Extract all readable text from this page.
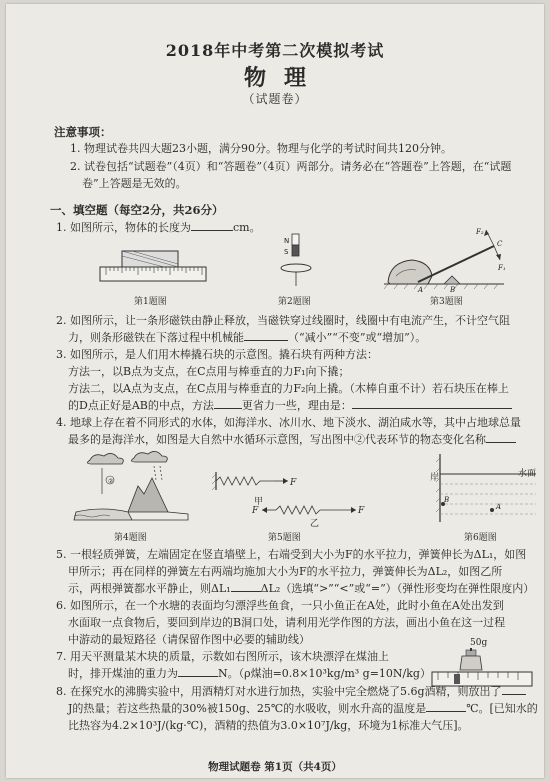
2018年中考第二次模拟考试
物理
（试题卷）
注意事项：
1. 物理试卷共四大题23小题，满分90分。物理与化学的考试时间共120分钟。
2. 试卷包括“试题卷”（4页）和“答题卷”（4页）两部分。请务必在“答题卷”上答题，在“试题
卷”上答题是无效的。
一、填空题（每空2分，共26分）
1. 如图所示，物体的长度为	cm。
第1题图
N
S
第2题图
F₂
C
F₁
B
A
第3题图
2. 如图所示，让一条形磁铁由静止释放，当磁铁穿过线圈时，线圈中有电流产生，不计空气阻
力，则条形磁铁在下落过程中机械能	（“减小”“不变”或“增加”）。
3. 如图所示，是人们用木棒撬石块的示意图。撬石块有两种方法：
方法一，以B点为支点，在C点用与棒垂直的力F₁向下撬；
方法二，以A点为支点，在C点用与棒垂直的力F₂向上撬。（木棒自重不计）若石块压在棒上
的D点正好是AB的中点，方法	更省力一些，理由是：
4. 地球上存在着不同形式的水体，如海洋水、冰川水、地下淡水、湖泊咸水等，其中占地球总量
最多的是海洋水，如图是大自然中水循环示意图，写出图中②代表环节的物态变化名称
②
第4题图
F
甲
F	F
乙
第5题图
B
A
岸	水面
第6题图
5. 一根轻质弹簧，左端固定在竖直墙壁上，右端受到大小为F的水平拉力，弹簧伸长为ΔL₁，如图
甲所示；再在同样的弹簧左右两端均施加大小为F的水平拉力，弹簧伸长为ΔL₂，如图乙所
示，两根弹簧都水平静止，则ΔL₁	ΔL₂（选填“>”“<”或“=”）（弹性形变均在弹性限度内）
6. 如图所示，在一个水塘的表面均匀漂浮些鱼食，一只小鱼正在A处，此时小鱼在A处出发到
水面取一点食物后，要回到岸边的B洞口处，请利用光学作图的方法，画出小鱼在这一过程
中游动的最短路径（请保留作图中必要的辅助线）
7. 用天平测量某木块的质量，示数如右图所示，该木块漂浮在煤油上
时，排开煤油的重力为	N。（ρ煤油=0.8×10³kg/m³ g=10N/kg）
50g
8. 在探究水的沸腾实验中，用酒精灯对水进行加热，实验中完全燃烧了5.6g酒精，则放出了
J的热量；若这些热量的30%被150g、25℃的水吸收，则水升高的温度是	℃。[已知水的
比热容为4.2×10³J/(kg·℃)，酒精的热值为3.0×10⁷J/kg，环境为1标准大气压]。
物理试题卷 第1页（共4页）
